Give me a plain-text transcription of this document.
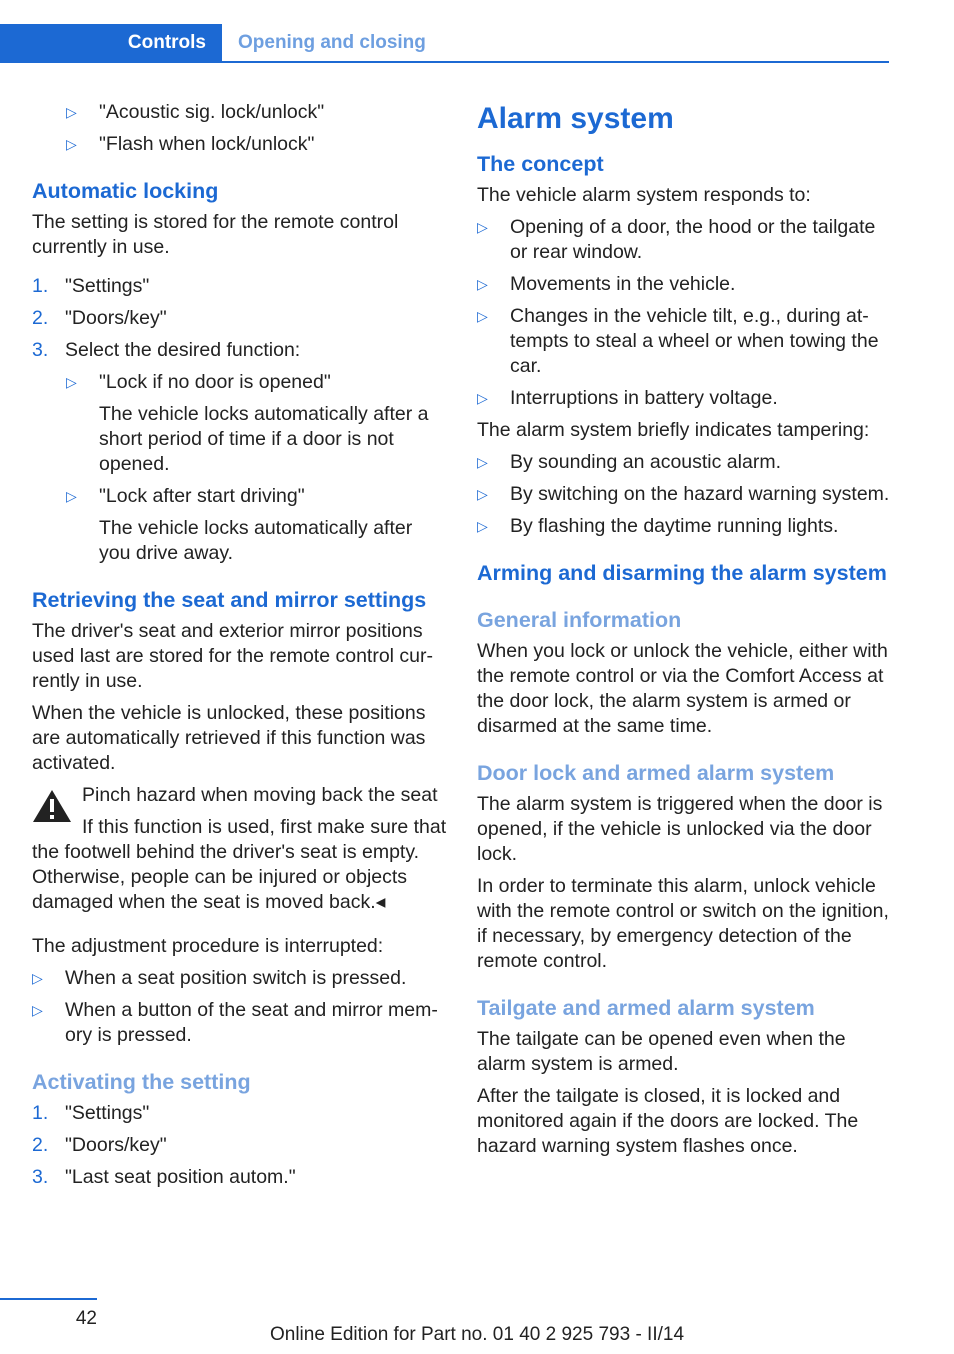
Controls	Opening and closing
▷ "Acoustic sig. lock/unlock"
▷ "Flash when lock/unlock"
Automatic locking

The setting is stored for the remote control currently in use.

1. "Settings"
2. "Doors/key"
3. Select the desired function:
▷ "Lock if no door is opened"

The vehicle locks automatically after a short period of time if a door is not opened.

▷ "Lock after start driving"

The vehicle locks automatically after you drive away.

Retrieving the seat and mirror settings

The driver's seat and exterior mirror positions used last are stored for the remote control currently in use.

When the vehicle is unlocked, these positions are automatically retrieved if this function was activated.

Pinch hazard when moving back the seat
If this function is used, first make sure that the footwell behind the driver's seat is empty. Otherwise, people can be injured or objects damaged when the seat is moved back.◂

The adjustment procedure is interrupted:

▷ When a seat position switch is pressed.
▷ When a button of the seat and mirror memory is pressed.
Activating the setting
1. "Settings"
2. "Doors/key"
3. "Last seat position autom."
Alarm system
The concept

The vehicle alarm system responds to:

▷ Opening of a door, the hood or the tailgate or rear window.
▷ Movements in the vehicle.
▷ Changes in the vehicle tilt, e.g., during attempts to steal a wheel or when towing the car.
▷ Interruptions in battery voltage.

The alarm system briefly indicates tampering:

▷ By sounding an acoustic alarm.
▷ By switching on the hazard warning system.
▷ By flashing the daytime running lights.
Arming and disarming the alarm system
General information

When you lock or unlock the vehicle, either with the remote control or via the Comfort Access at the door lock, the alarm system is armed or disarmed at the same time.

Door lock and armed alarm system

The alarm system is triggered when the door is opened, if the vehicle is unlocked via the door lock.

In order to terminate this alarm, unlock vehicle with the remote control or switch on the ignition, if necessary, by emergency detection of the remote control.

Tailgate and armed alarm system

The tailgate can be opened even when the alarm system is armed.

After the tailgate is closed, it is locked and monitored again if the doors are locked. The hazard warning system flashes once.

42
Online Edition for Part no. 01 40 2 925 793 - II/14
